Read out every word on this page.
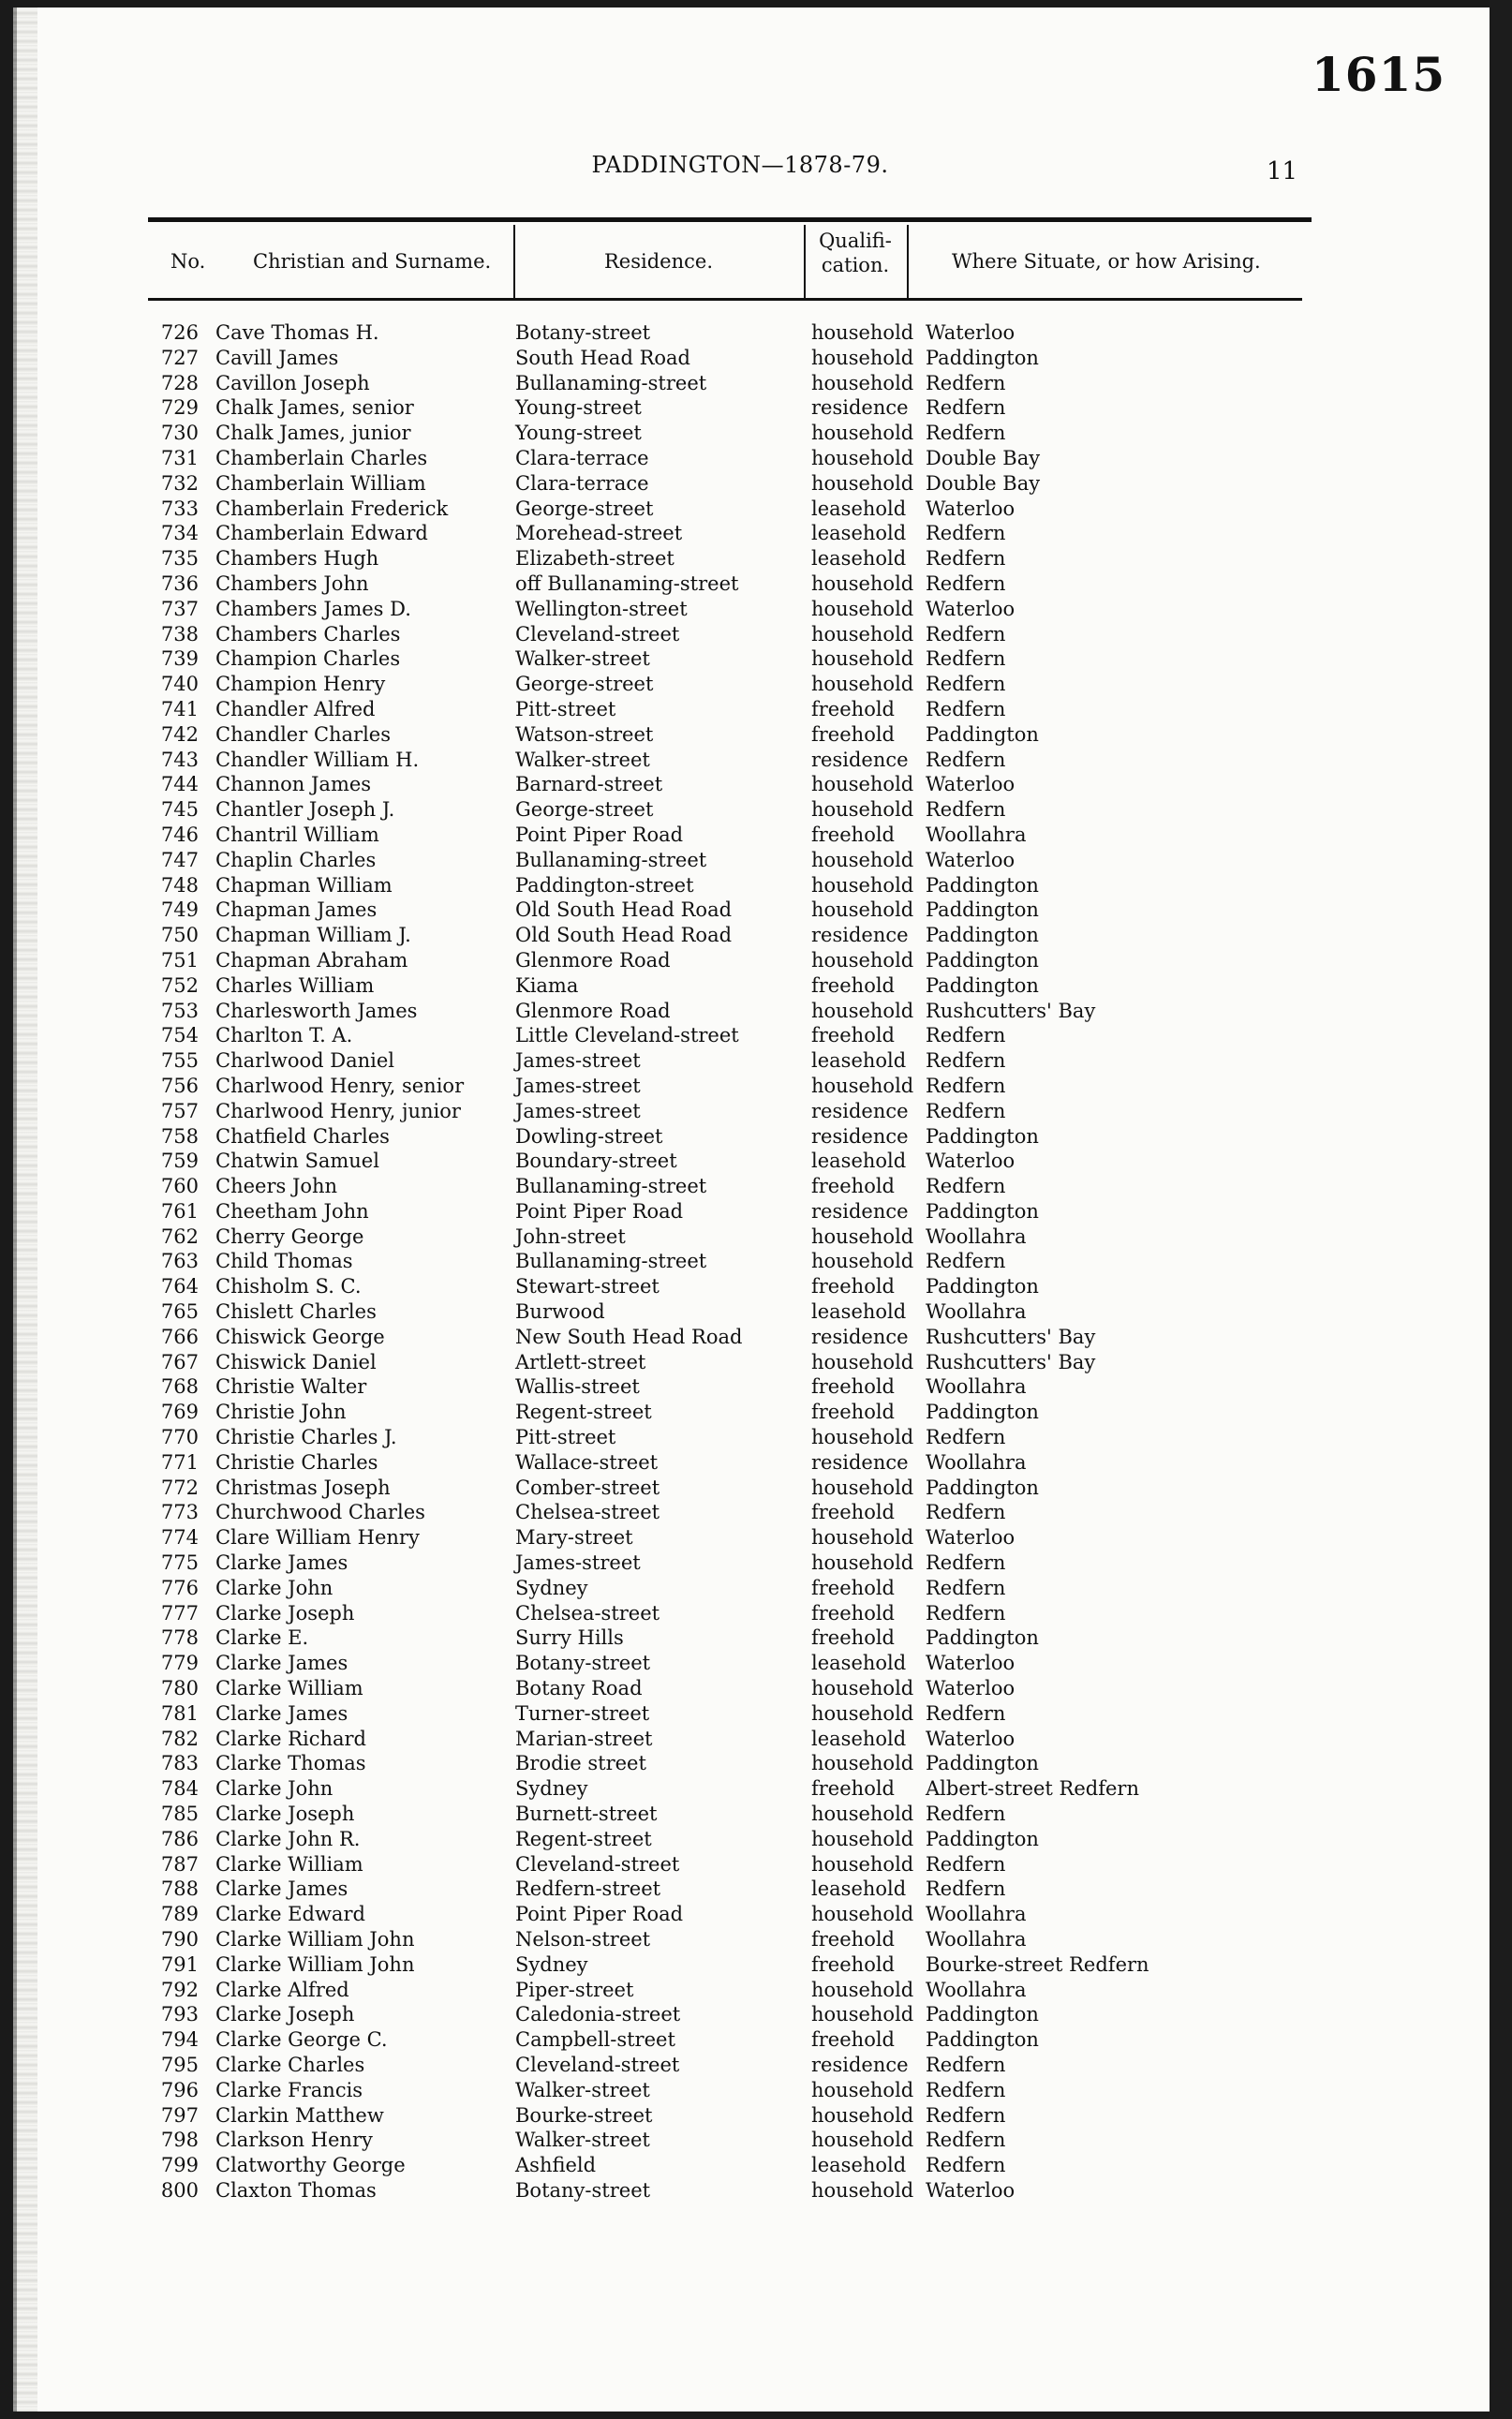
1615
PADDINGTON—1878-79.	11
No. Christian and Surname.	Residence.
Qualifi-
cation.	Where Situate, or how Arising.
726 Cave Thomas H.	Botany-street	household Waterloo
727 Cavill James	South Head Road	household Paddington
728 Cavillon Joseph	Bullanaming-street	household Redfern
729 Chalk James, senior	Young-street	residence Redfern
730 Chalk James, junior	Young-street	household Redfern
731 Chamberlain Charles	Clara-terrace	household Double Bay
732 Chamberlain William	Clara-terrace	household Double Bay
733 Chamberlain Frederick	George-street	leasehold Waterloo
734 Chamberlain Edward	Morehead-street	leasehold Redfern
735 Chambers Hugh	Elizabeth-street	leasehold Redfern
736 Chambers John	off Bullanaming-street	household Redfern
737 Chambers James D.	Wellington-street	household Waterloo
738 Chambers Charles	Cleveland-street	household Redfern
739 Champion Charles	Walker-street	household Redfern
740 Champion Henry	George-street	household Redfern
741 Chandler Alfred	Pitt-street	freehold Redfern
742 Chandler Charles	Watson-street	freehold Paddington
743 Chandler William H.	Walker-street	residence Redfern
744 Channon James	Barnard-street	household Waterloo
745 Chantler Joseph J.	George-street	household Redfern
746 Chantril William	Point Piper Road	freehold Woollahra
747 Chaplin Charles	Bullanaming-street	household Waterloo
748 Chapman William	Paddington-street	household Paddington
749 Chapman James	Old South Head Road	household Paddington
750 Chapman William J.	Old South Head Road	residence Paddington
751 Chapman Abraham	Glenmore Road	household Paddington
752 Charles William	Kiama	freehold Paddington
753 Charlesworth James	Glenmore Road	household Rushcutters' Bay
754 Charlton T. A.	Little Cleveland-street	freehold Redfern
755 Charlwood Daniel	James-street	leasehold Redfern
756 Charlwood Henry, senior	James-street	household Redfern
757 Charlwood Henry, junior	James-street	residence Redfern
758 Chatfield Charles	Dowling-street	residence Paddington
759 Chatwin Samuel	Boundary-street	leasehold Waterloo
760 Cheers John	Bullanaming-street	freehold Redfern
761 Cheetham John	Point Piper Road	residence Paddington
762 Cherry George	John-street	household Woollahra
763 Child Thomas	Bullanaming-street	household Redfern
764 Chisholm S. C.	Stewart-street	freehold Paddington
765 Chislett Charles	Burwood	leasehold Woollahra
766 Chiswick George	New South Head Road	residence Rushcutters' Bay
767 Chiswick Daniel	Artlett-street	household Rushcutters' Bay
768 Christie Walter	Wallis-street	freehold Woollahra
769 Christie John	Regent-street	freehold Paddington
770 Christie Charles J.	Pitt-street	household Redfern
771 Christie Charles	Wallace-street	residence Woollahra
772 Christmas Joseph	Comber-street	household Paddington
773 Churchwood Charles	Chelsea-street	freehold Redfern
774 Clare William Henry	Mary-street	household Waterloo
775 Clarke James	James-street	household Redfern
776 Clarke John	Sydney	freehold Redfern
777 Clarke Joseph	Chelsea-street	freehold Redfern
778 Clarke E.	Surry Hills	freehold Paddington
779 Clarke James	Botany-street	leasehold Waterloo
780 Clarke William	Botany Road	household Waterloo
781 Clarke James	Turner-street	household Redfern
782 Clarke Richard	Marian-street	leasehold Waterloo
783 Clarke Thomas	Brodie street	household Paddington
784 Clarke John	Sydney	freehold Albert-street Redfern
785 Clarke Joseph	Burnett-street	household Redfern
786 Clarke John R.	Regent-street	household Paddington
787 Clarke William	Cleveland-street	household Redfern
788 Clarke James	Redfern-street	leasehold Redfern
789 Clarke Edward	Point Piper Road	household Woollahra
790 Clarke William John	Nelson-street	freehold Woollahra
791 Clarke William John	Sydney	freehold Bourke-street Redfern
792 Clarke Alfred	Piper-street	household Woollahra
793 Clarke Joseph	Caledonia-street	household Paddington
794 Clarke George C.	Campbell-street	freehold Paddington
795 Clarke Charles	Cleveland-street	residence Redfern
796 Clarke Francis	Walker-street	household Redfern
797 Clarkin Matthew	Bourke-street	household Redfern
798 Clarkson Henry	Walker-street	household Redfern
799 Clatworthy George	Ashfield	leasehold Redfern
800 Claxton Thomas	Botany-street	household Waterloo
